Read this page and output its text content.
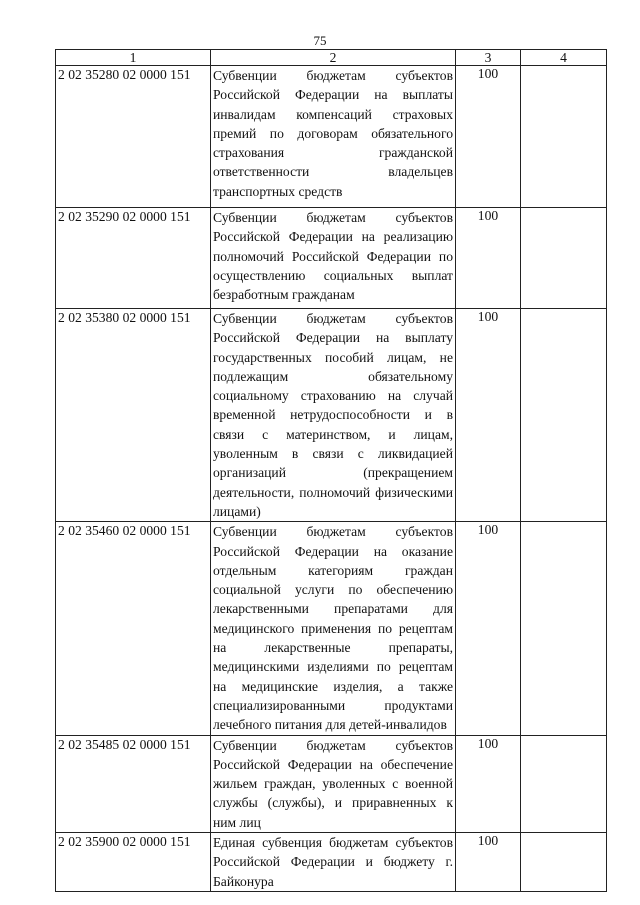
75
1	2	3	4
2 02 35280 02 0000 151	Субвенции бюджетам субъектов Российской Федерации на выплаты инвалидам компенсаций страховых премий по договорам обязательного страхования гражданской ответственности владельцев транспортных средств	100	
2 02 35290 02 0000 151	Субвенции бюджетам субъектов Российской Федерации на реализацию полномочий Российской Федерации по осуществлению социальных выплат безработным гражданам	100	
2 02 35380 02 0000 151	Субвенции бюджетам субъектов Российской Федерации на выплату государственных пособий лицам, не подлежащим обязательному социальному страхованию на случай временной нетрудоспособности и в связи с материнством, и лицам, уволенным в связи с ликвидацией организаций (прекращением деятельности, полномочий физическими лицами)	100	
2 02 35460 02 0000 151	Субвенции бюджетам субъектов Российской Федерации на оказание отдельным категориям граждан социальной услуги по обеспечению лекарственными препаратами для медицинского применения по рецептам на лекарственные препараты, медицинскими изделиями по рецептам на медицинские изделия, а также специализированными продуктами лечебного питания для детей-инвалидов	100	
2 02 35485 02 0000 151	Субвенции бюджетам субъектов Российской Федерации на обеспечение жильем граждан, уволенных с военной службы (службы), и приравненных к ним лиц	100	
2 02 35900 02 0000 151	Единая субвенция бюджетам субъектов Российской Федерации и бюджету г. Байконура	100	
